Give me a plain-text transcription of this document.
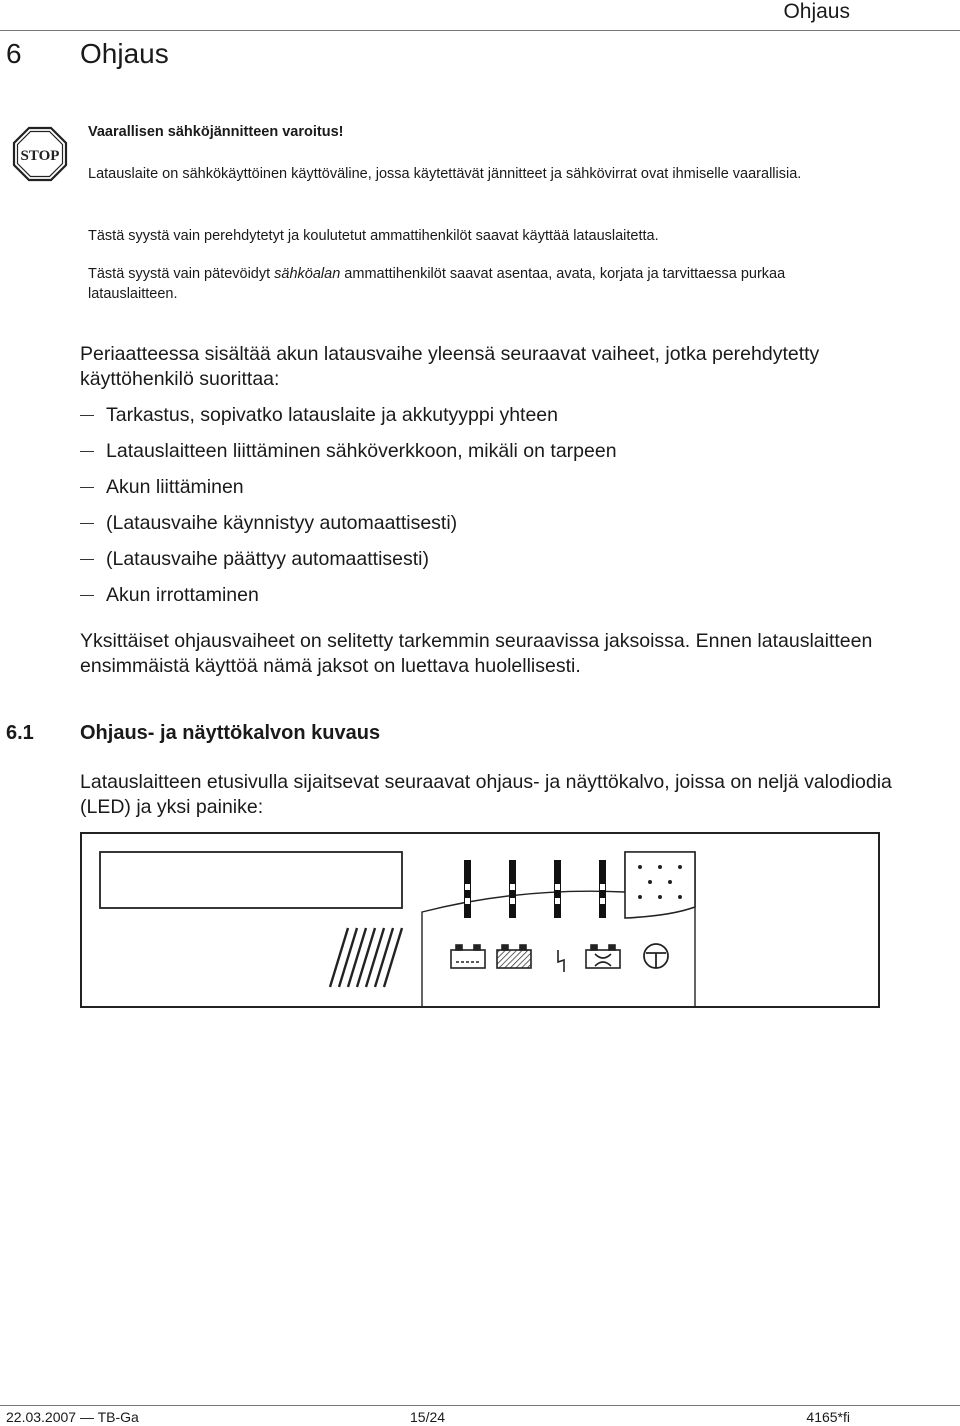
Ohjaus
6 Ohjaus
STOP
Vaarallisen sähköjännitteen varoitus!
Latauslaite on sähkökäyttöinen käyttöväline, jossa käytettävät jännitteet ja sähkövirrat ovat ihmiselle vaarallisia.
Tästä syystä vain perehdytetyt ja koulutetut ammattihenkilöt saavat käyttää latauslaitetta.
Tästä syystä vain pätevöidyt sähköalan ammattihenkilöt saavat asentaa, avata, korjata ja tarvittaessa purkaa latauslaitteen.
Periaatteessa sisältää akun latausvaihe yleensä seuraavat vaiheet, jotka perehdytetty käyttöhenkilö suorittaa:
Tarkastus, sopivatko latauslaite ja akkutyyppi yhteen
Latauslaitteen liittäminen sähköverkkoon, mikäli on tarpeen
Akun liittäminen
(Latausvaihe käynnistyy automaattisesti)
(Latausvaihe päättyy automaattisesti)
Akun irrottaminen
Yksittäiset ohjausvaiheet on selitetty tarkemmin seuraavissa jaksoissa. Ennen latauslaitteen ensimmäistä käyttöä nämä jaksot on luettava huolellisesti.
6.1 Ohjaus- ja näyttökalvon kuvaus
Latauslaitteen etusivulla sijaitsevat seuraavat ohjaus- ja näyttökalvo, joissa on neljä valodiodia (LED) ja yksi painike:
22.03.2007 — TB-Ga	15/24	4165*fi
